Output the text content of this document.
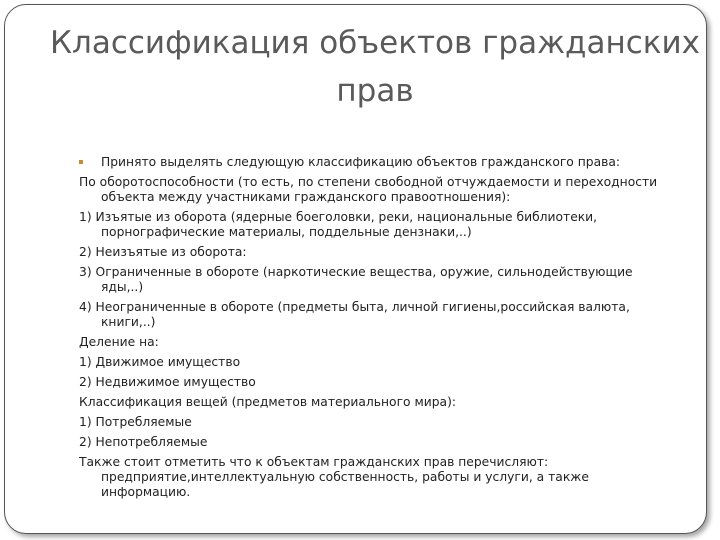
Классификация объектов гражданских прав

Принято выделять следующую классификацию объектов гражданского права:

По оборотоспособности (то есть, по степени свободной отчуждаемости и переходности объекта между участниками гражданского правоотношения):

1) Изъятые из оборота (ядерные боеголовки, реки, национальные библиотеки, порнографические материалы, поддельные дензнаки,..)

2) Неизъятые из оборота:

3) Ограниченные в обороте (наркотические вещества, оружие, сильнодействующие яды,..)

4) Неограниченные в обороте (предметы быта, личной гигиены,российская валюта, книги,..)

Деление на:

1) Движимое имущество

2) Недвижимое имущество

Классификация вещей (предметов материального мира):

1) Потребляемые

2) Непотребляемые

Также стоит отметить что к объектам гражданских прав перечисляют: предприятие,интеллектуальную собственность, работы и услуги, а также информацию.
